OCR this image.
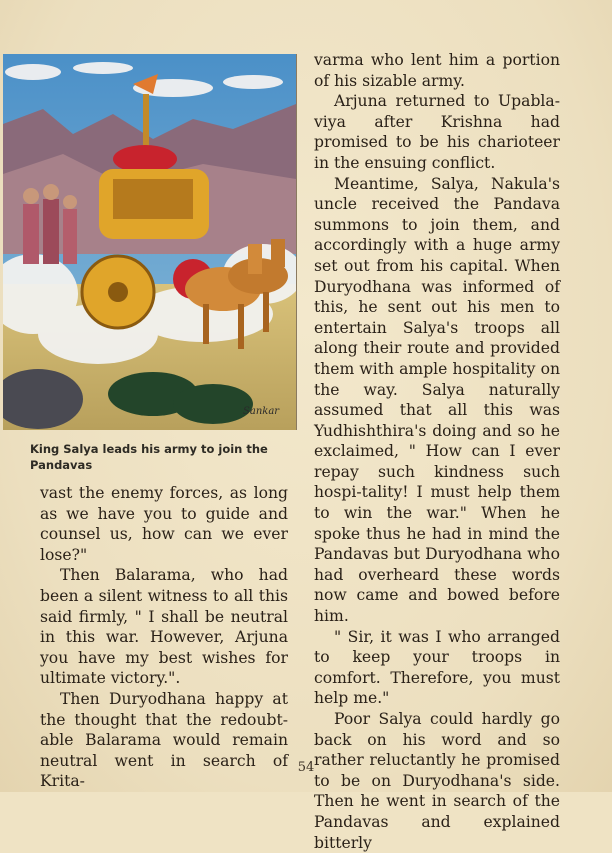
Sankar
King Salya leads his army to join the Pandavas

vast the enemy forces, as long as we have you to guide and counsel us, how can we ever lose?"

Then Balarama, who had been a silent witness to all this said firmly, " I shall be neutral in this war. However, Arjuna you have my best wishes for ultimate victory.".

Then Duryodhana happy at the thought that the redoubt-able Balarama would remain neutral went in search of Krita-

varma who lent him a portion of his sizable army.

Arjuna returned to Upabla-viya after Krishna had promised to be his charioteer in the ensuing conflict.

Meantime, Salya, Nakula's uncle received the Pandava summons to join them, and accordingly with a huge army set out from his capital. When Duryodhana was informed of this, he sent out his men to entertain Salya's troops all along their route and provided them with ample hospitality on the way. Salya naturally assumed that all this was Yudhishthira's doing and so he exclaimed, " How can I ever repay such kindness such hospi-tality! I must help them to win the war." When he spoke thus he had in mind the Pandavas but Duryodhana who had overheard these words now came and bowed before him.

" Sir, it was I who arranged to keep your troops in comfort. Therefore, you must help me."

Poor Salya could hardly go back on his word and so rather reluctantly he promised to be on Duryodhana's side. Then he went in search of the Pandavas and explained bitterly

54
